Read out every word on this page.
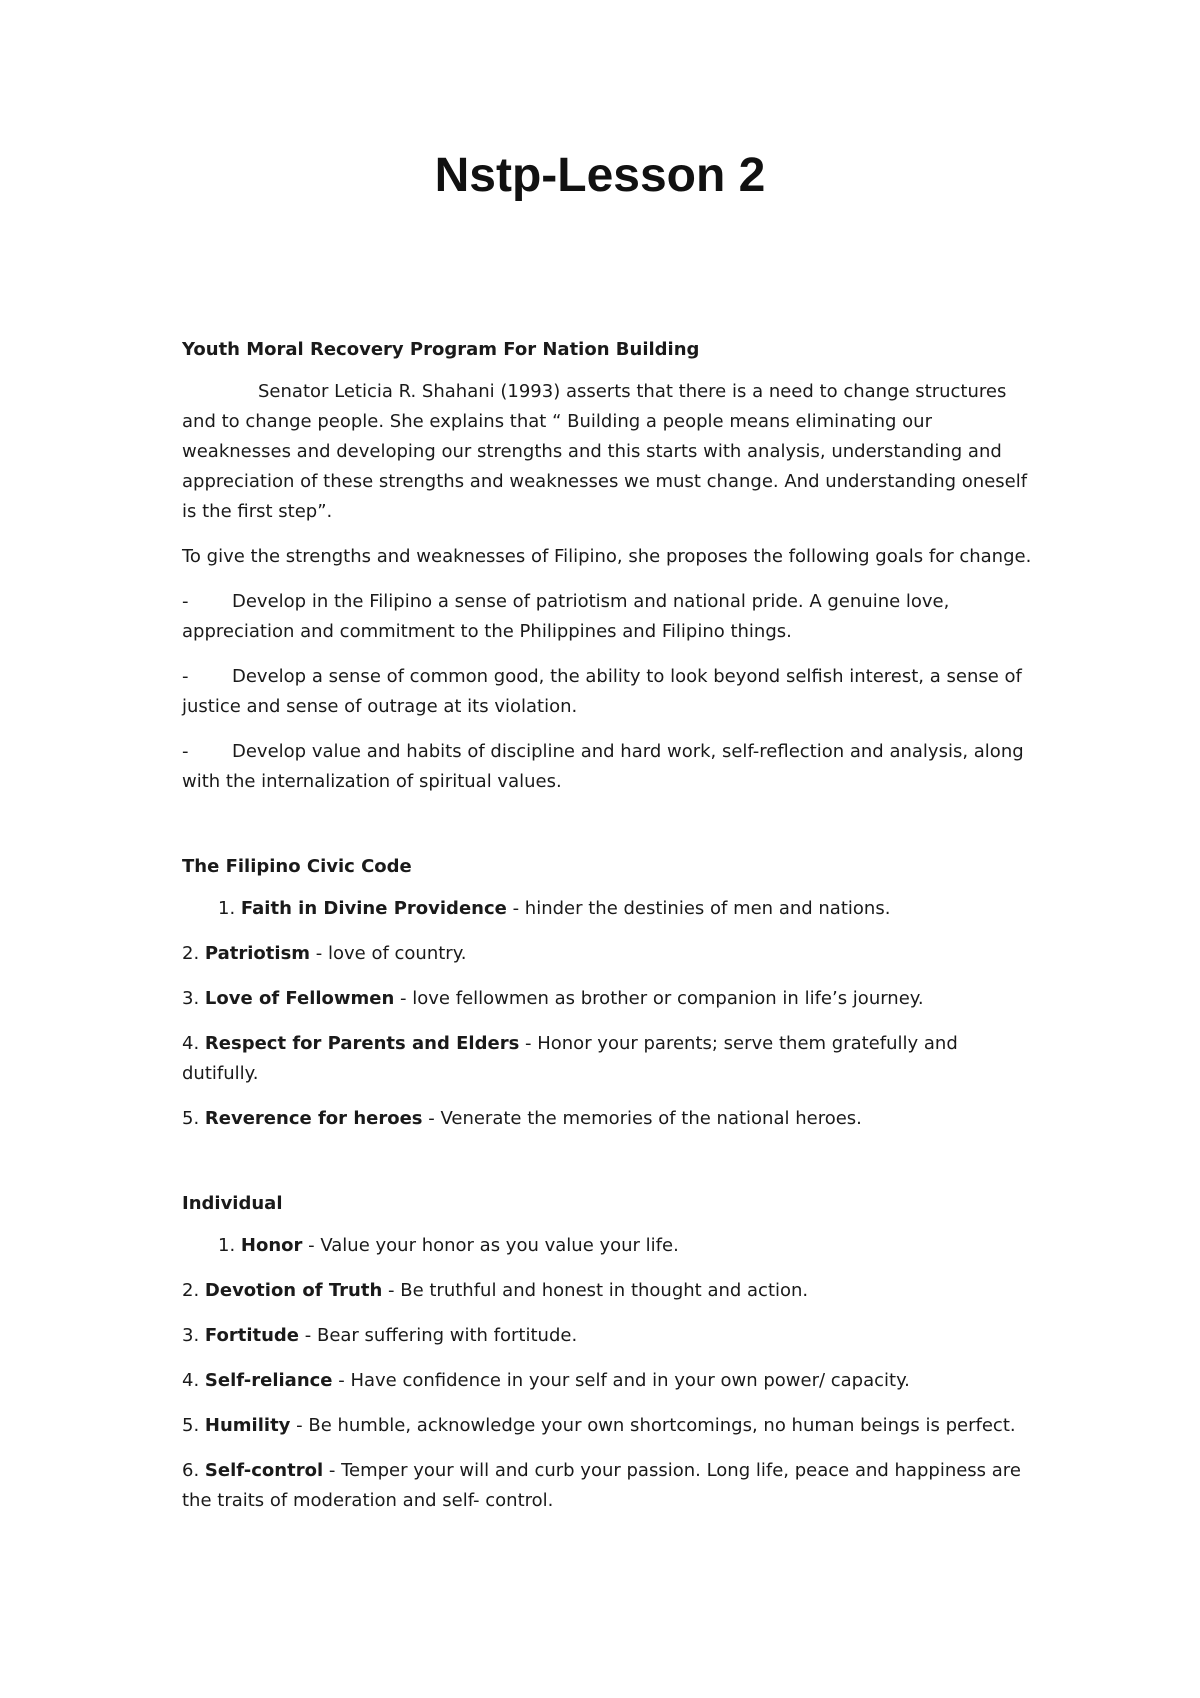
Nstp-Lesson 2
Youth Moral Recovery Program For Nation Building

Senator Leticia R. Shahani (1993) asserts that there is a need to change structures and to change people. She explains that “ Building a people means eliminating our weaknesses and developing our strengths and this starts with analysis, understanding and appreciation of these strengths and weaknesses we must change. And understanding oneself is the first step”.

To give the strengths and weaknesses of Filipino, she proposes the following goals for change.

- Develop in the Filipino a sense of patriotism and national pride. A genuine love, appreciation and commitment to the Philippines and Filipino things.
- Develop a sense of common good, the ability to look beyond selfish interest, a sense of justice and sense of outrage at its violation.
- Develop value and habits of discipline and hard work, self-reflection and analysis, along with the internalization of spiritual values.
The Filipino Civic Code
1. Faith in Divine Providence - hinder the destinies of men and nations.
2. Patriotism - love of country.
3. Love of Fellowmen - love fellowmen as brother or companion in life’s journey.
4. Respect for Parents and Elders - Honor your parents; serve them gratefully and dutifully.
5. Reverence for heroes - Venerate the memories of the national heroes.
Individual
1. Honor - Value your honor as you value your life.
2. Devotion of Truth - Be truthful and honest in thought and action.
3. Fortitude - Bear suffering with fortitude.
4. Self-reliance - Have confidence in your self and in your own power/ capacity.
5. Humility - Be humble, acknowledge your own shortcomings, no human beings is perfect.
6. Self-control - Temper your will and curb your passion. Long life, peace and happiness are the traits of moderation and self- control.
